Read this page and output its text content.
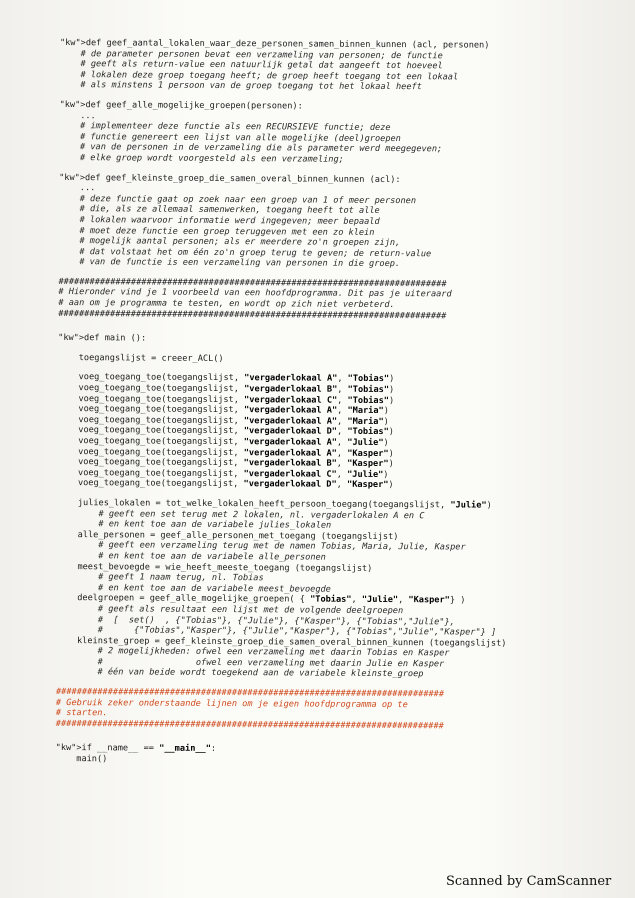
"kw">def geef_aantal_lokalen_waar_deze_personen_samen_binnen_kunnen (acl, personen)
# de parameter personen bevat een verzameling van personen; de functie
# geeft als return-value een natuurlijk getal dat aangeeft tot hoeveel
# lokalen deze groep toegang heeft; de groep heeft toegang tot een lokaal
# als minstens 1 persoon van de groep toegang tot het lokaal heeft
"kw">def geef_alle_mogelijke_groepen(personen):
...
# implementeer deze functie als een RECURSIEVE functie; deze
# functie genereert een lijst van alle mogelijke (deel)groepen
# van de personen in de verzameling die als parameter werd meegegeven;
# elke groep wordt voorgesteld als een verzameling;
"kw">def geef_kleinste_groep_die_samen_overal_binnen_kunnen (acl):
...
# deze functie gaat op zoek naar een groep van 1 of meer personen
# die, als ze allemaal samenwerken, toegang heeft tot alle
# lokalen waarvoor informatie werd ingegeven; meer bepaald
# moet deze functie een groep teruggeven met een zo klein
# mogelijk aantal personen; als er meerdere zo'n groepen zijn,
# dat volstaat het om één zo'n groep terug te geven; de return-value
# van de functie is een verzameling van personen in die groep.
###########################################################################
# Hieronder vind je 1 voorbeeld van een hoofdprogramma. Dit pas je uiteraard
# aan om je programma te testen, en wordt op zich niet verbeterd.
###########################################################################
"kw">def main ():
toegangslijst = creeer_ACL()
voeg_toegang_toe(toegangslijst, "vergaderlokaal A", "Tobias")
voeg_toegang_toe(toegangslijst, "vergaderlokaal B", "Tobias")
voeg_toegang_toe(toegangslijst, "vergaderlokaal C", "Tobias")
voeg_toegang_toe(toegangslijst, "vergaderlokaal A", "Maria")
voeg_toegang_toe(toegangslijst, "vergaderlokaal A", "Maria")
voeg_toegang_toe(toegangslijst, "vergaderlokaal D", "Tobias")
voeg_toegang_toe(toegangslijst, "vergaderlokaal A", "Julie")
voeg_toegang_toe(toegangslijst, "vergaderlokaal A", "Kasper")
voeg_toegang_toe(toegangslijst, "vergaderlokaal B", "Kasper")
voeg_toegang_toe(toegangslijst, "vergaderlokaal C", "Julie")
voeg_toegang_toe(toegangslijst, "vergaderlokaal D", "Kasper")
julies_lokalen = tot_welke_lokalen_heeft_persoon_toegang(toegangslijst, "Julie")
# geeft een set terug met 2 lokalen, nl. vergaderlokalen A en C
# en kent toe aan de variabele julies_lokalen
alle_personen = geef_alle_personen_met_toegang (toegangslijst)
# geeft een verzameling terug met de namen Tobias, Maria, Julie, Kasper
# en kent toe aan de variabele alle_personen
meest_bevoegde = wie_heeft_meeste_toegang (toegangslijst)
# geeft 1 naam terug, nl. Tobias
# en kent toe aan de variabele meest_bevoegde
deelgroepen = geef_alle_mogelijke_groepen( { "Tobias", "Julie", "Kasper"} )
# geeft als resultaat een lijst met de volgende deelgroepen
#  [  set()  , {"Tobias"}, {"Julie"}, {"Kasper"}, {"Tobias","Julie"},
#      {"Tobias","Kasper"}, {"Julie","Kasper"}, {"Tobias","Julie","Kasper"} ]
kleinste_groep = geef_kleinste_groep_die_samen_overal_binnen_kunnen (toegangslijst)
# 2 mogelijkheden: ofwel een verzameling met daarin Tobias en Kasper
#                  ofwel een verzameling met daarin Julie en Kasper
# één van beide wordt toegekend aan de variabele kleinste_groep
###########################################################################
# Gebruik zeker onderstaande lijnen om je eigen hoofdprogramma op te
# starten.
###########################################################################
"kw">if __name__ == "__main__":
main()
Scanned by CamScanner
